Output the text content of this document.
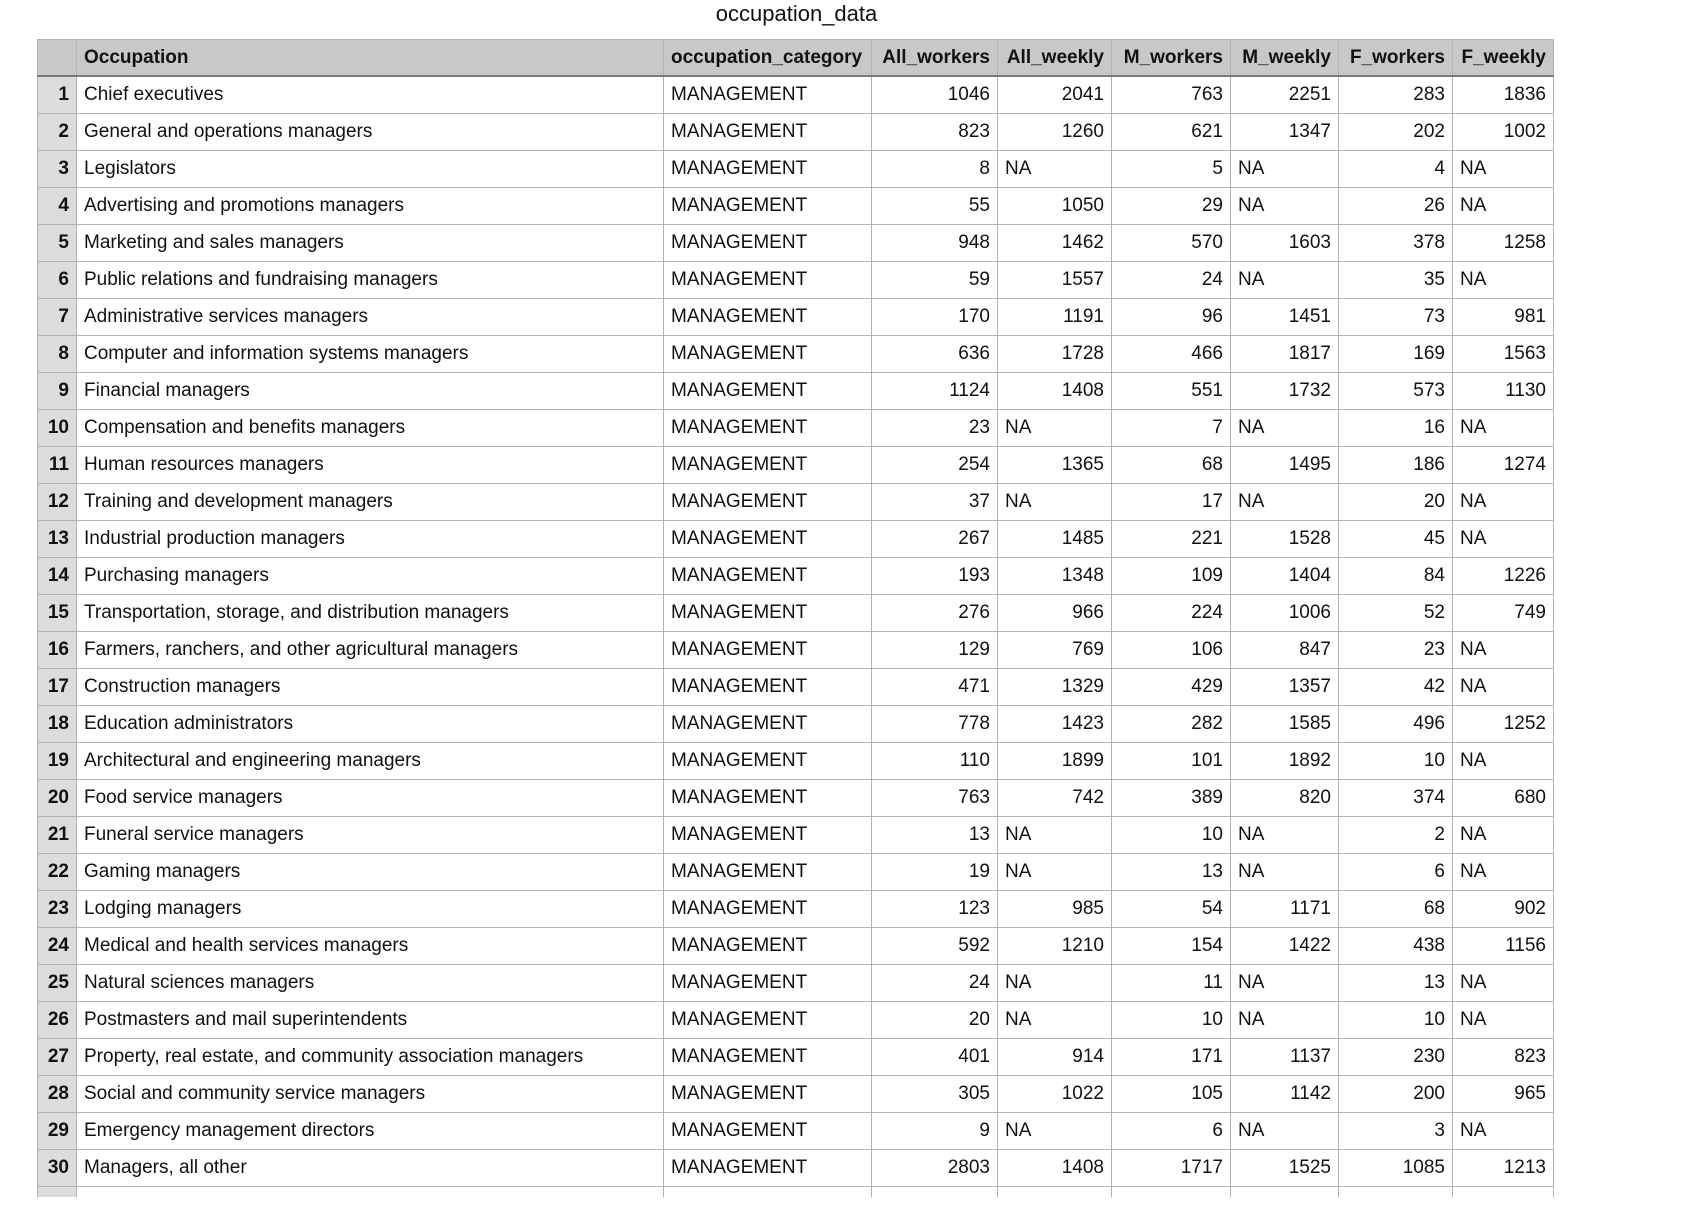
occupation_data
	Occupation	occupation_category	All_workers	All_weekly	M_workers	M_weekly	F_workers	F_weekly
1	Chief executives	MANAGEMENT	1046	2041	763	2251	283	1836
2	General and operations managers	MANAGEMENT	823	1260	621	1347	202	1002
3	Legislators	MANAGEMENT	8	NA	5	NA	4	NA
4	Advertising and promotions managers	MANAGEMENT	55	1050	29	NA	26	NA
5	Marketing and sales managers	MANAGEMENT	948	1462	570	1603	378	1258
6	Public relations and fundraising managers	MANAGEMENT	59	1557	24	NA	35	NA
7	Administrative services managers	MANAGEMENT	170	1191	96	1451	73	981
8	Computer and information systems managers	MANAGEMENT	636	1728	466	1817	169	1563
9	Financial managers	MANAGEMENT	1124	1408	551	1732	573	1130
10	Compensation and benefits managers	MANAGEMENT	23	NA	7	NA	16	NA
11	Human resources managers	MANAGEMENT	254	1365	68	1495	186	1274
12	Training and development managers	MANAGEMENT	37	NA	17	NA	20	NA
13	Industrial production managers	MANAGEMENT	267	1485	221	1528	45	NA
14	Purchasing managers	MANAGEMENT	193	1348	109	1404	84	1226
15	Transportation, storage, and distribution managers	MANAGEMENT	276	966	224	1006	52	749
16	Farmers, ranchers, and other agricultural managers	MANAGEMENT	129	769	106	847	23	NA
17	Construction managers	MANAGEMENT	471	1329	429	1357	42	NA
18	Education administrators	MANAGEMENT	778	1423	282	1585	496	1252
19	Architectural and engineering managers	MANAGEMENT	110	1899	101	1892	10	NA
20	Food service managers	MANAGEMENT	763	742	389	820	374	680
21	Funeral service managers	MANAGEMENT	13	NA	10	NA	2	NA
22	Gaming managers	MANAGEMENT	19	NA	13	NA	6	NA
23	Lodging managers	MANAGEMENT	123	985	54	1171	68	902
24	Medical and health services managers	MANAGEMENT	592	1210	154	1422	438	1156
25	Natural sciences managers	MANAGEMENT	24	NA	11	NA	13	NA
26	Postmasters and mail superintendents	MANAGEMENT	20	NA	10	NA	10	NA
27	Property, real estate, and community association managers	MANAGEMENT	401	914	171	1137	230	823
28	Social and community service managers	MANAGEMENT	305	1022	105	1142	200	965
29	Emergency management directors	MANAGEMENT	9	NA	6	NA	3	NA
30	Managers, all other	MANAGEMENT	2803	1408	1717	1525	1085	1213
